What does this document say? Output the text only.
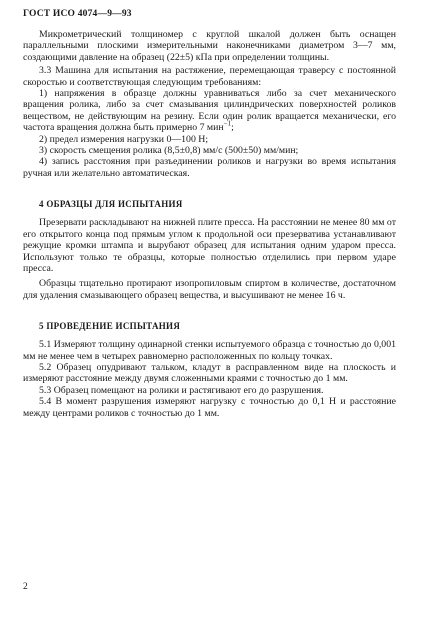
ГОСТ ИСО 4074—9—93

Микрометрический толщиномер с круглой шкалой должен быть оснащен параллельными плоскими измерительными наконечниками диаметром 3—7 мм, создающими давление на образец (22±5) кПа при определении толщины.

3.3 Машина для испытания на растяжение, перемещающая траверсу с постоянной скоростью и соответствующая следующим требованиям:

1) напряжения в образце должны уравниваться либо за счет механического вращения ролика, либо за счет смазывания цилиндрических поверхностей роликов веществом, не действующим на резину. Если один ролик вращается механически, его частота вращения должна быть примерно 7 мин$^{-1}$;

2) предел измерения нагрузки 0—100 Н;

3) скорость смещения ролика (8,5±0,8) мм/с (500±50) мм/мин;

4) запись расстояния при разъединении роликов и нагрузки во время испытания ручная или желательно автоматическая.

4 ОБРАЗЦЫ ДЛЯ ИСПЫТАНИЯ

Презервати раскладывают на нижней плите пресса. На расстоянии не менее 80 мм от его открытого конца под прямым углом к продольной оси презерватива устанавливают режущие кромки штампа и вырубают образец для испытания одним ударом пресса. Используют только те образцы, которые полностью отделились при первом ударе пресса.

Образцы тщательно протирают изопропиловым спиртом в количестве, достаточном для удаления смазывающего образец вещества, и высушивают не менее 16 ч.

5 ПРОВЕДЕНИЕ ИСПЫТАНИЯ

5.1 Измеряют толщину одинарной стенки испытуемого образца с точностью до 0,001 мм не менее чем в четырех равномерно расположенных по кольцу точках.

5.2 Образец опудривают тальком, кладут в расправленном виде на плоскость и измеряют расстояние между двумя сложенными краями с точностью до 1 мм.

5.3 Образец помещают на ролики и растягивают его до разрушения.

5.4 В момент разрушения измеряют нагрузку с точностью до 0,1 Н и расстояние между центрами роликов с точностью до 1 мм.

2
